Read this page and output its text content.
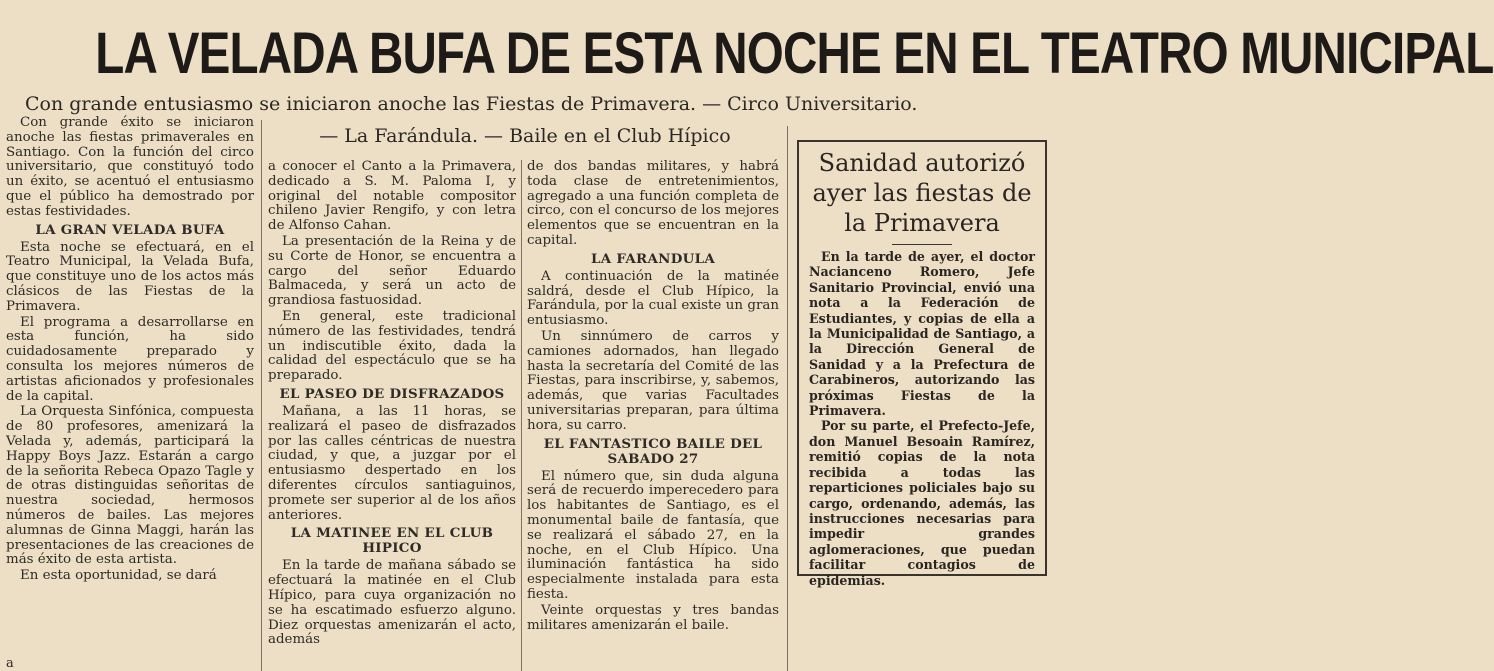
LA VELADA BUFA DE ESTA NOCHE EN EL TEATRO MUNICIPAL
Con grande entusiasmo se iniciaron anoche las Fiestas de Primavera. — Circo Universitario.
— La Farándula. — Baile en el Club Hípico

Con grande éxito se iniciaron anoche las fiestas primaverales en Santiago. Con la función del circo universitario, que constituyó todo un éxito, se acentuó el entusiasmo que el público ha demostrado por estas festividades.

LA GRAN VELADA BUFA

Esta noche se efectuará, en el Teatro Municipal, la Velada Bufa, que constituye uno de los actos más clásicos de las Fiestas de la Primavera.

El programa a desarrollarse en esta función, ha sido cuidadosamente preparado y consulta los mejores números de artistas aficionados y profesionales de la capital.

La Orquesta Sinfónica, compuesta de 80 profesores, amenizará la Velada y, además, participará la Happy Boys Jazz. Estarán a cargo de la señorita Rebeca Opazo Tagle y de otras distinguidas señoritas de nuestra sociedad, hermosos números de bailes. Las mejores alumnas de Ginna Maggi, harán las presentaciones de las creaciones de más éxito de esta artista.

En esta oportunidad, se dará

a conocer el Canto a la Primavera, dedicado a S. M. Paloma I, y original del notable compositor chileno Javier Rengifo, y con letra de Alfonso Cahan.

La presentación de la Reina y de su Corte de Honor, se encuentra a cargo del señor Eduardo Balmaceda, y será un acto de grandiosa fastuosidad.

En general, este tradicional número de las festividades, tendrá un indiscutible éxito, dada la calidad del espectáculo que se ha preparado.

EL PASEO DE DISFRAZADOS

Mañana, a las 11 horas, se realizará el paseo de disfrazados por las calles céntricas de nuestra ciudad, y que, a juzgar por el entusiasmo despertado en los diferentes círculos santiaguinos, promete ser superior al de los años anteriores.

LA MATINEE EN EL CLUB HIPICO

En la tarde de mañana sábado se efectuará la matinée en el Club Hípico, para cuya organización no se ha escatimado esfuerzo alguno. Diez orquestas amenizarán el acto, además

de dos bandas militares, y habrá toda clase de entretenimientos, agregado a una función completa de circo, con el concurso de los mejores elementos que se encuentran en la capital.

LA FARANDULA

A continuación de la matinée saldrá, desde el Club Hípico, la Farándula, por la cual existe un gran entusiasmo.

Un sinnúmero de carros y camiones adornados, han llegado hasta la secretaría del Comité de las Fiestas, para inscribirse, y, sabemos, además, que varias Facultades universitarias preparan, para última hora, su carro.

EL FANTASTICO BAILE DEL SABADO 27

El número que, sin duda alguna será de recuerdo imperecedero para los habitantes de Santiago, es el monumental baile de fantasía, que se realizará el sábado 27, en la noche, en el Club Hípico. Una iluminación fantástica ha sido especialmente instalada para esta fiesta.

Veinte orquestas y tres bandas militares amenizarán el baile.

Sanidad autorizó ayer las fiestas de la Primavera

En la tarde de ayer, el doctor Nacianceno Romero, Jefe Sanitario Provincial, envió una nota a la Federación de Estudiantes, y copias de ella a la Municipalidad de Santiago, a la Dirección General de Sanidad y a la Prefectura de Carabineros, autorizando las próximas Fiestas de la Primavera.

Por su parte, el Prefecto-Jefe, don Manuel Besoain Ramírez, remitió copias de la nota recibida a todas las reparticiones policiales bajo su cargo, ordenando, además, las instrucciones necesarias para impedir grandes aglomeraciones, que puedan facilitar contagios de epidemias.

a
